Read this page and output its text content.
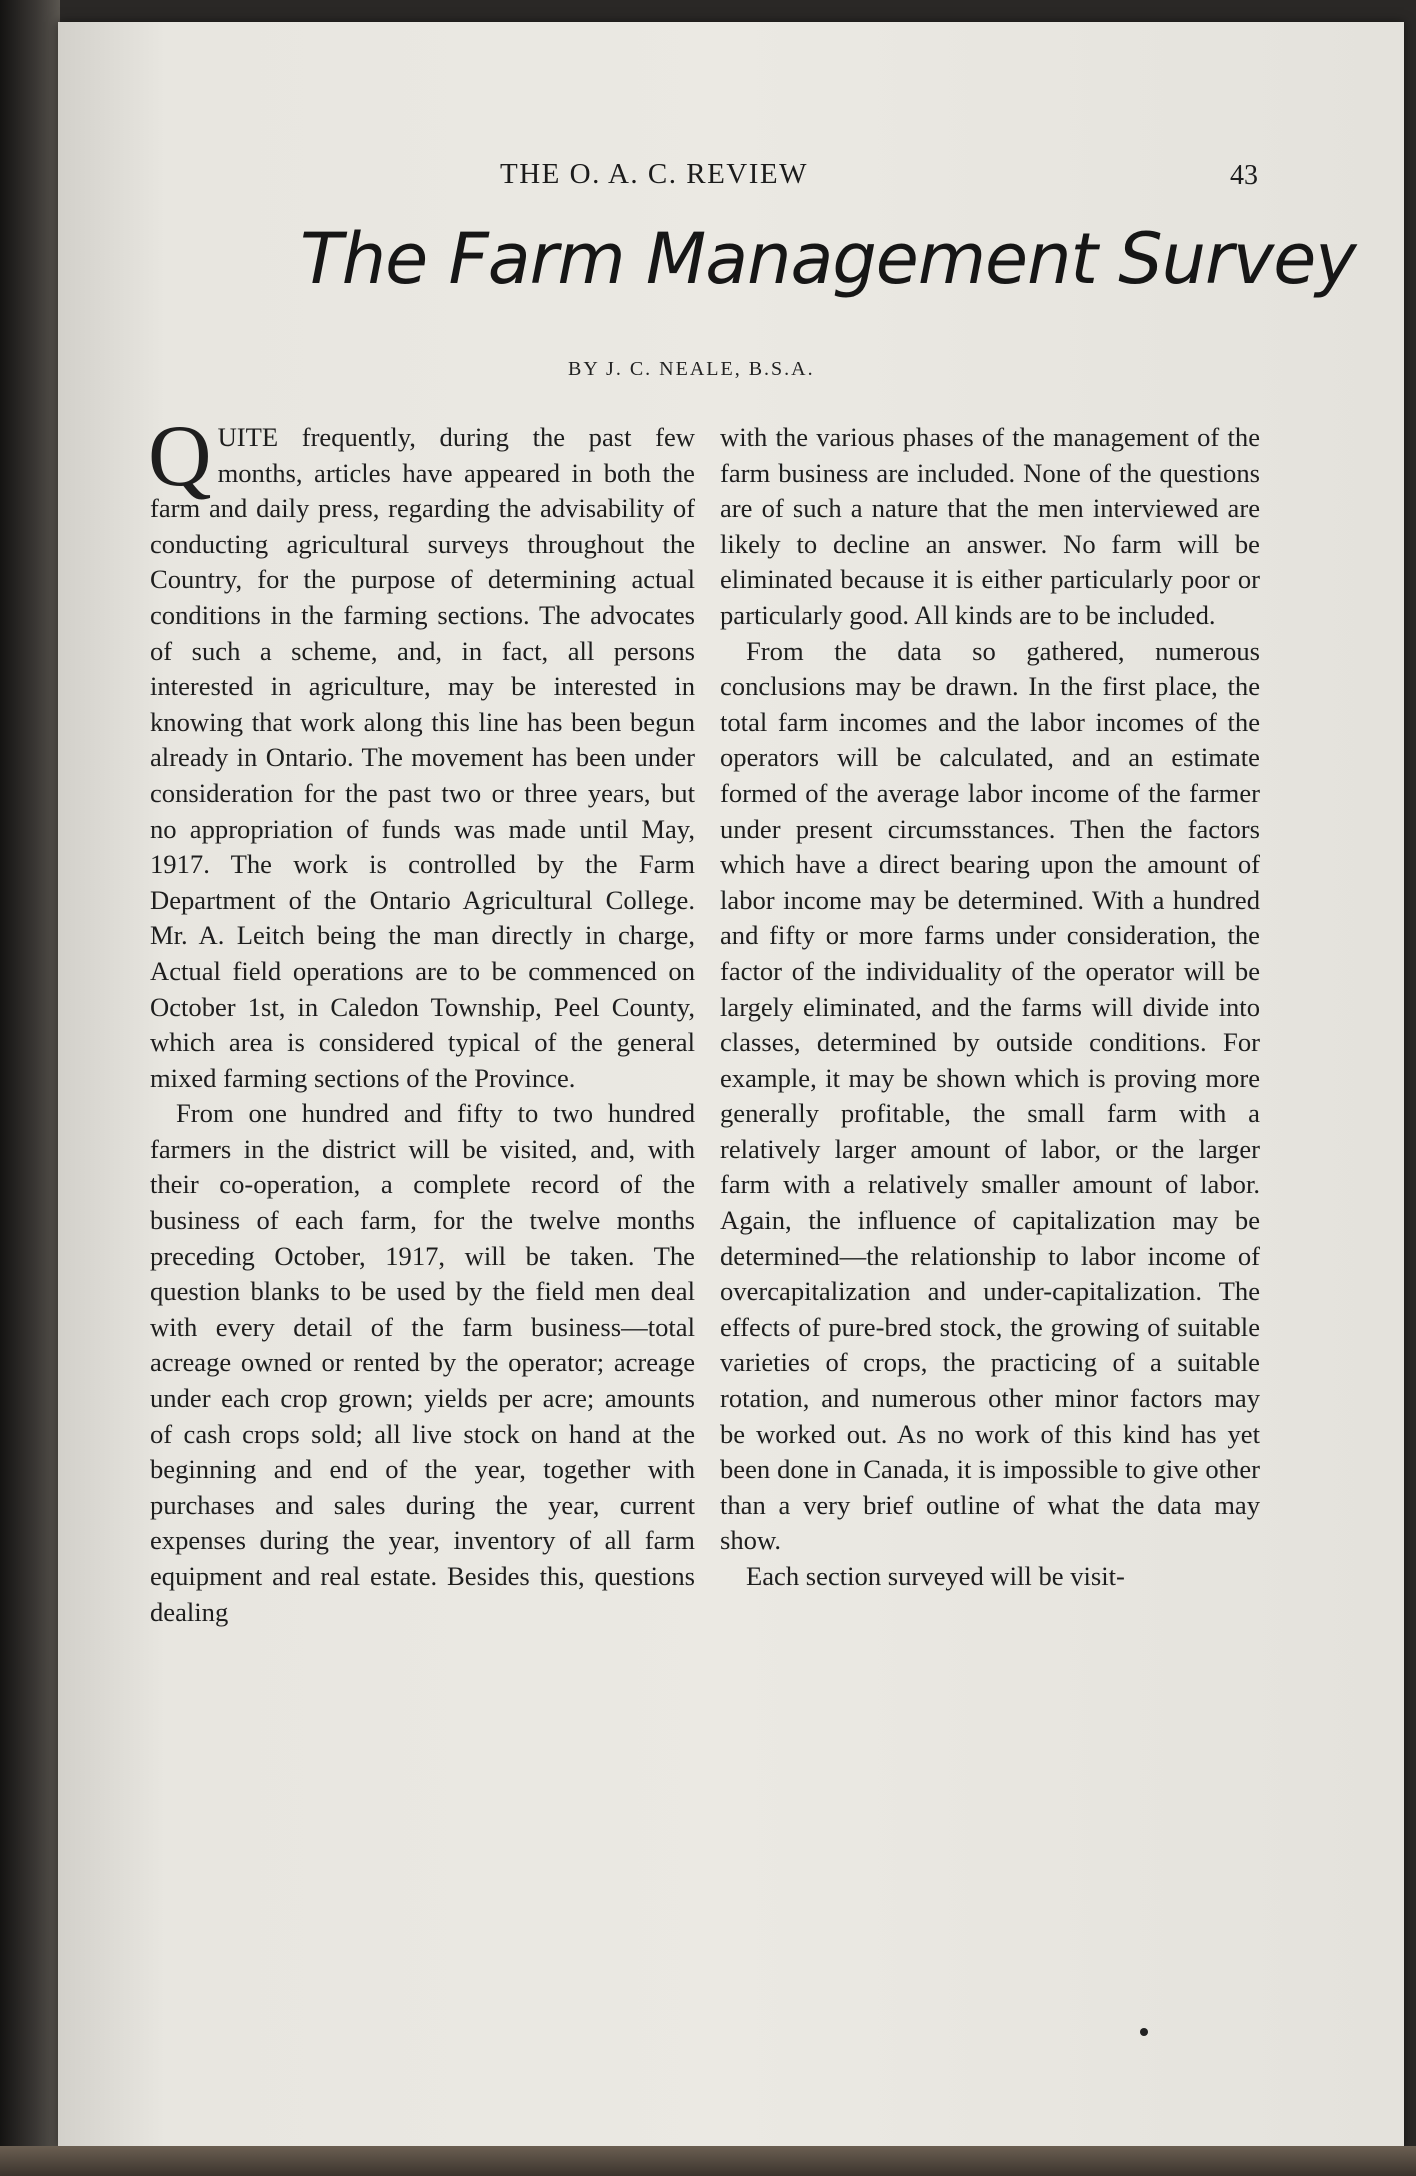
THE O. A. C. REVIEW	43
The Farm Management Survey
BY J. C. NEALE, B.S.A.

QUITE frequently, during the past few months, articles have appeared in both the farm and daily press, regarding the advisability of conducting agricultural surveys throughout the Country, for the purpose of determining actual conditions in the farming sections. The advocates of such a scheme, and, in fact, all persons interested in agriculture, may be interested in knowing that work along this line has been begun already in Ontario. The movement has been under consideration for the past two or three years, but no appropriation of funds was made until May, 1917. The work is controlled by the Farm Department of the Ontario Agricultural College. Mr. A. Leitch being the man directly in charge, Actual field operations are to be commenced on October 1st, in Caledon Township, Peel County, which area is considered typical of the general mixed farming sections of the Province.

From one hundred and fifty to two hundred farmers in the district will be visited, and, with their co-operation, a complete record of the business of each farm, for the twelve months preceding October, 1917, will be taken. The question blanks to be used by the field men deal with every detail of the farm business—total acreage owned or rented by the operator; acreage under each crop grown; yields per acre; amounts of cash crops sold; all live stock on hand at the beginning and end of the year, together with purchases and sales during the year, current expenses during the year, inventory of all farm equipment and real estate. Besides this, questions dealing

with the various phases of the management of the farm business are included. None of the questions are of such a nature that the men interviewed are likely to decline an answer. No farm will be eliminated because it is either particularly poor or particularly good. All kinds are to be included.

From the data so gathered, numerous conclusions may be drawn. In the first place, the total farm incomes and the labor incomes of the operators will be calculated, and an estimate formed of the average labor income of the farmer under present circumsstances. Then the factors which have a direct bearing upon the amount of labor income may be determined. With a hundred and fifty or more farms under consideration, the factor of the individuality of the operator will be largely eliminated, and the farms will divide into classes, determined by outside conditions. For example, it may be shown which is proving more generally profitable, the small farm with a relatively larger amount of labor, or the larger farm with a relatively smaller amount of labor. Again, the influence of capitalization may be determined—the relationship to labor income of overcapitalization and under-capitalization. The effects of pure-bred stock, the growing of suitable varieties of crops, the practicing of a suitable rotation, and numerous other minor factors may be worked out. As no work of this kind has yet been done in Canada, it is impossible to give other than a very brief outline of what the data may show.

Each section surveyed will be visit-
